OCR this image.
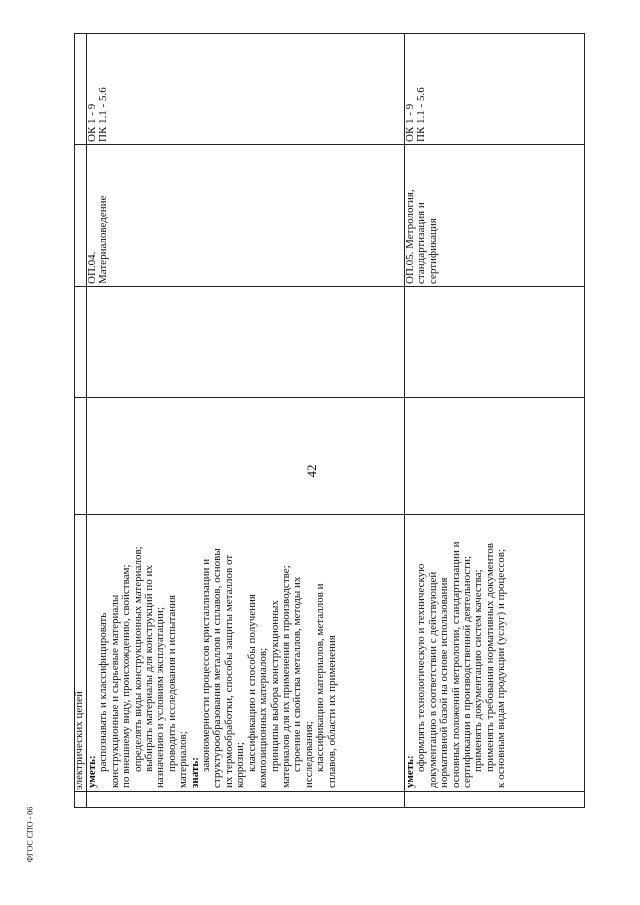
42
ФГОС СПО - 06

электрических цепей уметь: распознавать и классифицировать конструкционные и сырьевые материалы по внешнему виду, происхождению, свойствам; определять виды конструкционных материалов; выбирать материалы для конструкций по их назначению и условиям эксплуатации; проводить исследования и испытания материалов; знать:

закономерности процессов кристаллизации и структурообразования металлов и сплавов, основы их термообработки, способы защиты металлов от коррозии; классификацию и способы получения композиционных материалов; принципы выбора конструкционных материалов для их применения в производстве; строение и свойства металлов, методы их исследования; классификацию материалов, металлов и сплавов, области их применения

ОП.04. Материаловедение

ОК 1 - 9 ПК 1.1 - 5.6

уметь: оформлять технологическую и техническую документацию в соответствии с действующей нормативной базой на основе использования основных положений метрологии, стандартизации и сертификации в производственной деятельности; применять документацию систем качества; применять требования нормативных документов к основным видам продукции (услуг) и процессов;

ОП.05. Метрология, стандартизация и сертификация

ОК 1 - 9 ПК 1.1 - 5.6
